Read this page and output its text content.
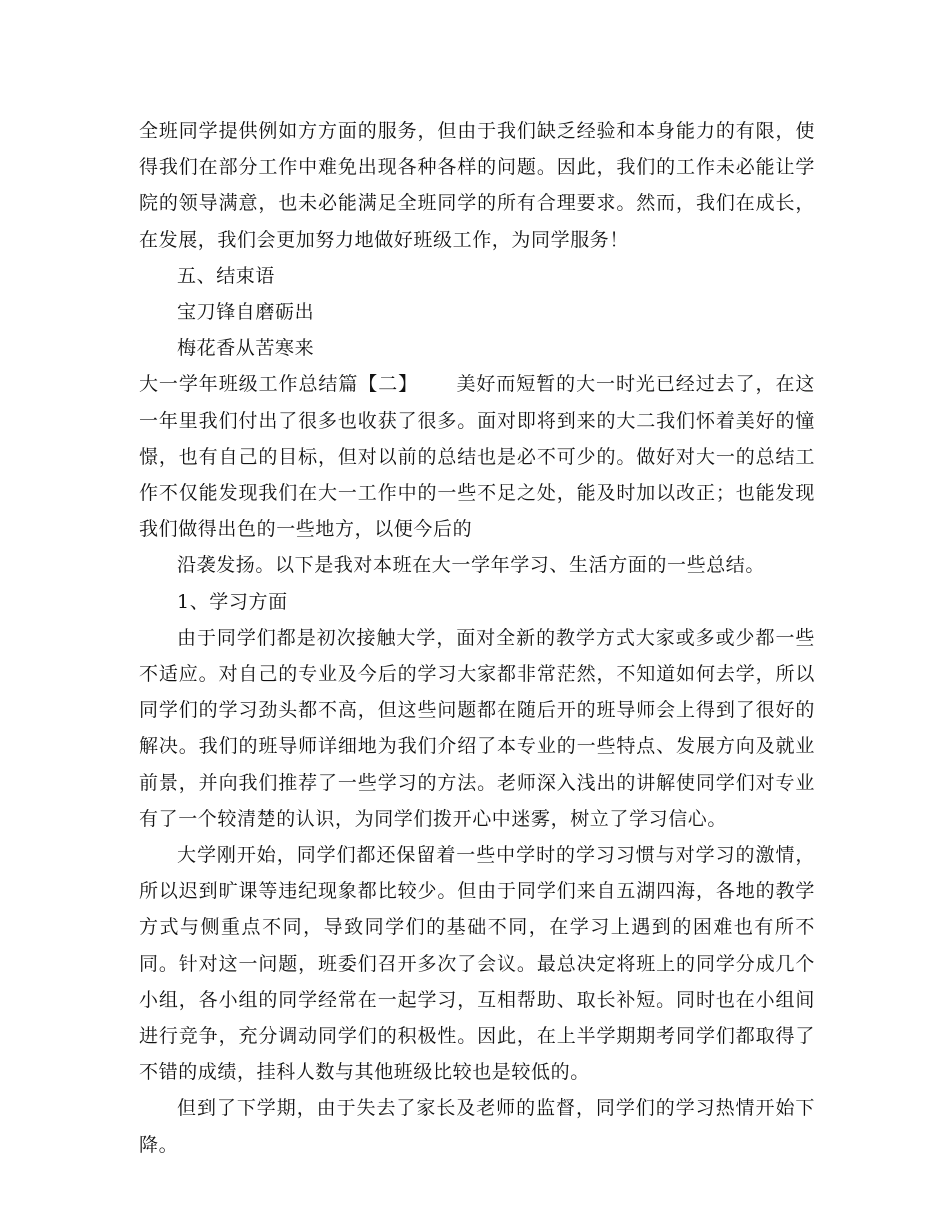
全班同学提供例如方方面的服务，但由于我们缺乏经验和本身能力的有限，使得我们在部分工作中难免出现各种各样的问题。因此，我们的工作未必能让学院的领导满意，也未必能满足全班同学的所有合理要求。然而，我们在成长，在发展，我们会更加努力地做好班级工作，为同学服务！

五、结束语

宝刀锋自磨砺出

梅花香从苦寒来

大一学年班级工作总结篇【二】 美好而短暂的大一时光已经过去了，在这一年里我们付出了很多也收获了很多。面对即将到来的大二我们怀着美好的憧憬，也有自己的目标，但对以前的总结也是必不可少的。做好对大一的总结工作不仅能发现我们在大一工作中的一些不足之处，能及时加以改正；也能发现我们做得出色的一些地方，以便今后的

沿袭发扬。以下是我对本班在大一学年学习、生活方面的一些总结。

1、学习方面

由于同学们都是初次接触大学，面对全新的教学方式大家或多或少都一些不适应。对自己的专业及今后的学习大家都非常茫然，不知道如何去学，所以同学们的学习劲头都不高，但这些问题都在随后开的班导师会上得到了很好的解决。我们的班导师详细地为我们介绍了本专业的一些特点、发展方向及就业前景，并向我们推荐了一些学习的方法。老师深入浅出的讲解使同学们对专业有了一个较清楚的认识，为同学们拨开心中迷雾，树立了学习信心。

大学刚开始，同学们都还保留着一些中学时的学习习惯与对学习的激情，所以迟到旷课等违纪现象都比较少。但由于同学们来自五湖四海，各地的教学方式与侧重点不同，导致同学们的基础不同，在学习上遇到的困难也有所不同。针对这一问题，班委们召开多次了会议。最总决定将班上的同学分成几个小组，各小组的同学经常在一起学习，互相帮助、取长补短。同时也在小组间进行竞争，充分调动同学们的积极性。因此，在上半学期期考同学们都取得了不错的成绩，挂科人数与其他班级比较也是较低的。

但到了下学期，由于失去了家长及老师的监督，同学们的学习热情开始下降。
